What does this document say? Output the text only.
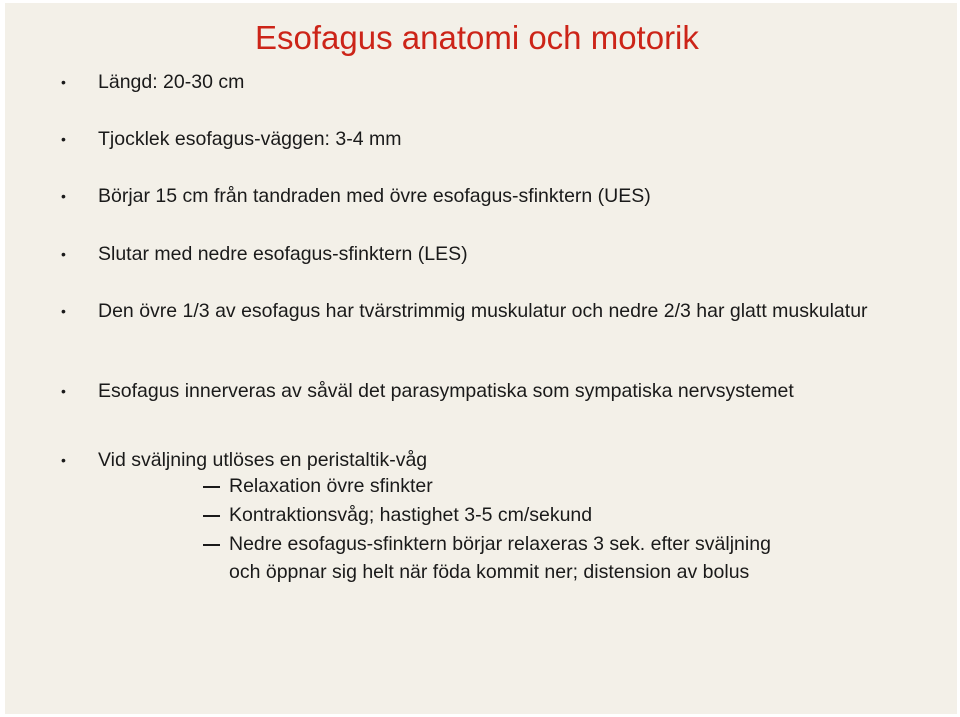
Esofagus anatomi och motorik
• Längd: 20-30 cm
• Tjocklek esofagus-väggen: 3-4 mm
• Börjar 15 cm från tandraden med övre esofagus-sfinktern (UES)
• Slutar med nedre esofagus-sfinktern (LES)
• Den övre 1/3 av esofagus har tvärstrimmig muskulatur och nedre 2/3 har glatt muskulatur
• Esofagus innerveras av såväl det parasympatiska som sympatiska nervsystemet
• Vid sväljning utlöses en peristaltik-våg
Relaxation övre sfinkter
Kontraktionsvåg; hastighet 3-5 cm/sekund
Nedre esofagus-sfinktern börjar relaxeras 3 sek. efter sväljning
och öppnar sig helt när föda kommit ner; distension av bolus
